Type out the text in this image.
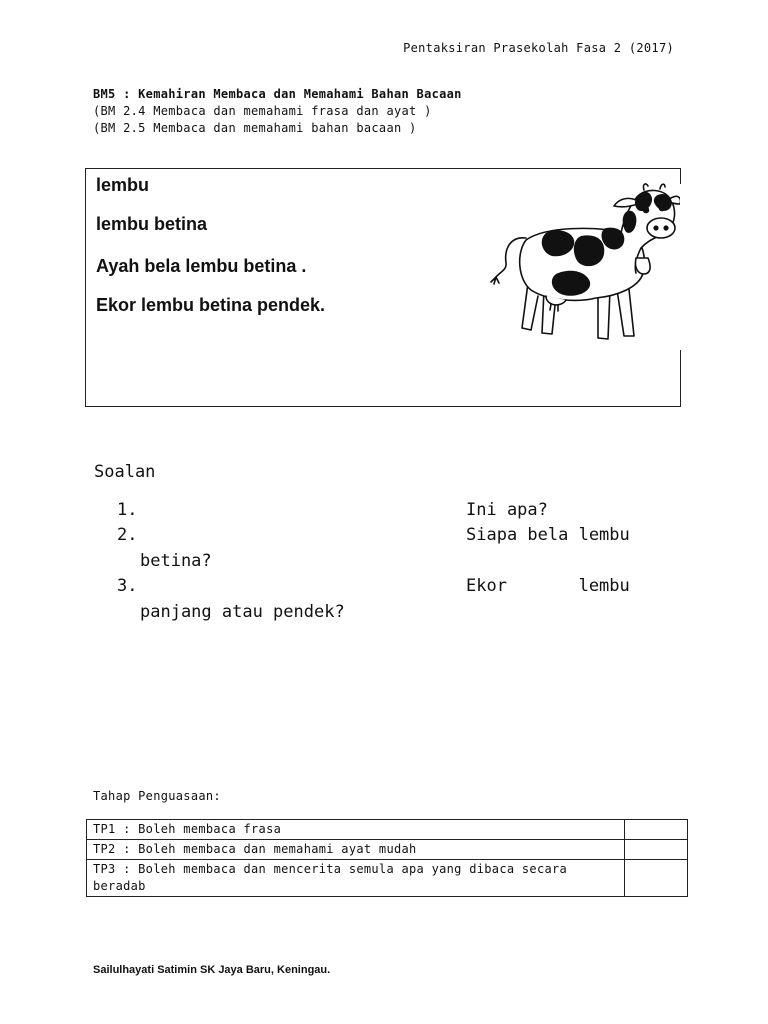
Pentaksiran Prasekolah Fasa 2 (2017)
BM5 : Kemahiran Membaca dan Memahami Bahan Bacaan
(BM 2.4 Membaca dan memahami frasa dan ayat )
(BM 2.5 Membaca dan memahami bahan bacaan )
lembu
lembu betina
Ayah bela lembu betina .
Ekor lembu betina pendek.
Soalan
1.	Ini apa?
2.	Siapa bela lembu
betina?
3.	Ekor       lembu
panjang atau pendek?
Tahap Penguasaan:
TP1 : Boleh membaca frasa	
TP2 : Boleh membaca dan memahami ayat mudah	
TP3 : Boleh membaca dan mencerita semula apa yang dibaca secara beradab	
Sailulhayati Satimin SK Jaya Baru, Keningau.
